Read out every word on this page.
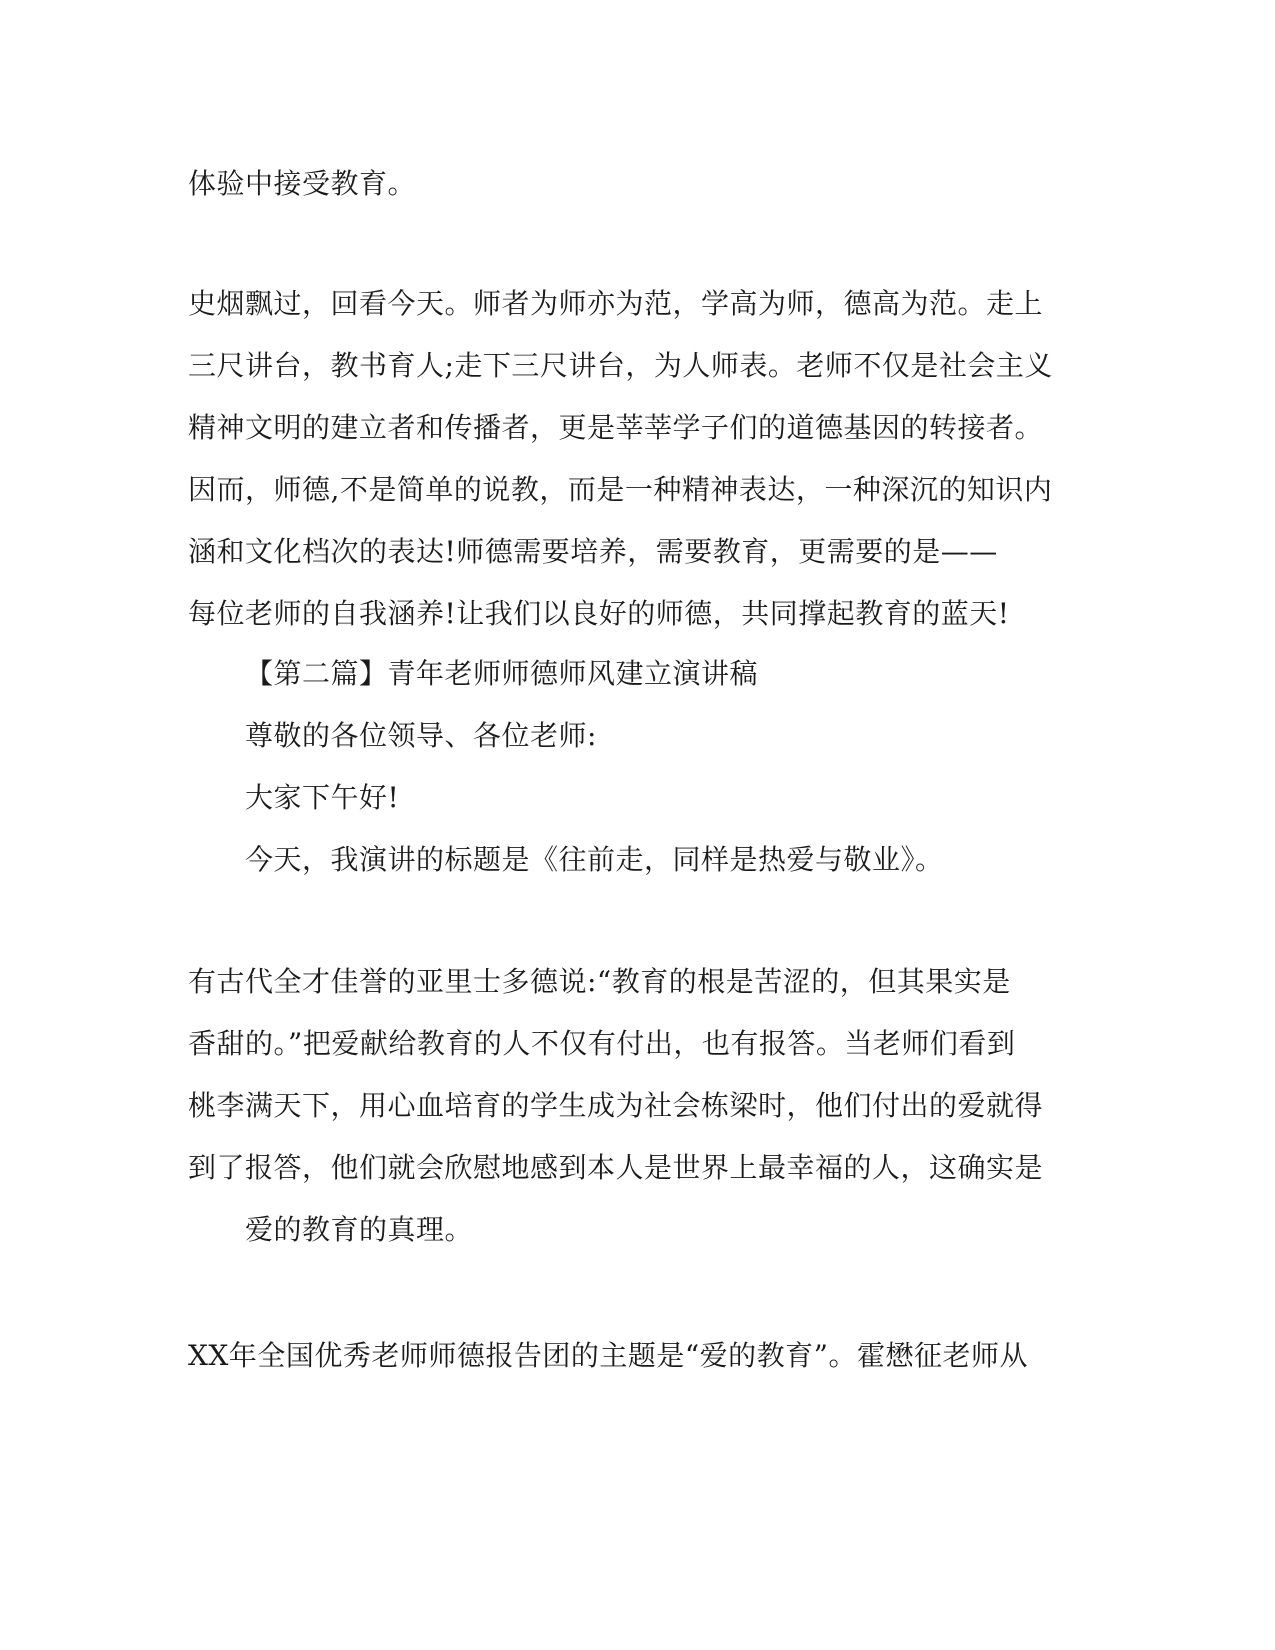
体验中接受教育。
史烟飘过，回看今天。师者为师亦为范，学高为师，德高为范。走上
三尺讲台，教书育人;走下三尺讲台，为人师表。老师不仅是社会主义
精神文明的建立者和传播者，更是莘莘学子们的道德基因的转接者。
因而，师德,不是简单的说教，而是一种精神表达，一种深沉的知识内
涵和文化档次的表达!师德需要培养，需要教育，更需要的是——
每位老师的自我涵养!让我们以良好的师德，共同撑起教育的蓝天!
【第二篇】青年老师师德师风建立演讲稿
尊敬的各位领导、各位老师:
大家下午好!
今天，我演讲的标题是《往前走，同样是热爱与敬业》。
有古代全才佳誉的亚里士多德说:“教育的根是苦涩的，但其果实是
香甜的。”把爱献给教育的人不仅有付出，也有报答。当老师们看到
桃李满天下，用心血培育的学生成为社会栋梁时，他们付出的爱就得
到了报答，他们就会欣慰地感到本人是世界上最幸福的人，这确实是
爱的教育的真理。
XX年全国优秀老师师德报告团的主题是“爱的教育”。霍懋征老师从
